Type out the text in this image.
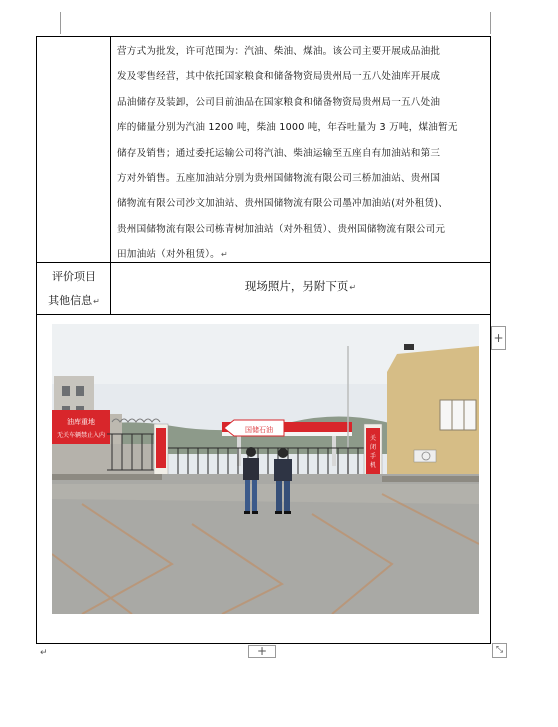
营方式为批发，许可范围为：汽油、柴油、煤油。该公司主要开展成品油批
发及零售经营，其中依托国家粮食和储备物资局贵州局一五八处油库开展成
品油储存及装卸，公司目前油品在国家粮食和储备物资局贵州局一五八处油
库的储量分别为汽油 1200 吨，柴油 1000 吨，年吞吐量为 3 万吨，煤油暂无
储存及销售；通过委托运输公司将汽油、柴油运输至五座自有加油站和第三
方对外销售。五座加油站分别为贵州国储物流有限公司三桥加油站、贵州国
储物流有限公司沙文加油站、贵州国储物流有限公司墨冲加油站(对外租赁)、
贵州国储物流有限公司栋青树加油站（对外租赁）、贵州国储物流有限公司元
田加油站（对外租赁）。↵
评价项目
其他信息↵
现场照片，另附下页↵
油库重地
无关车辆禁止入内
国储石油
关
闭
手
机
+
+	⤡
↵
